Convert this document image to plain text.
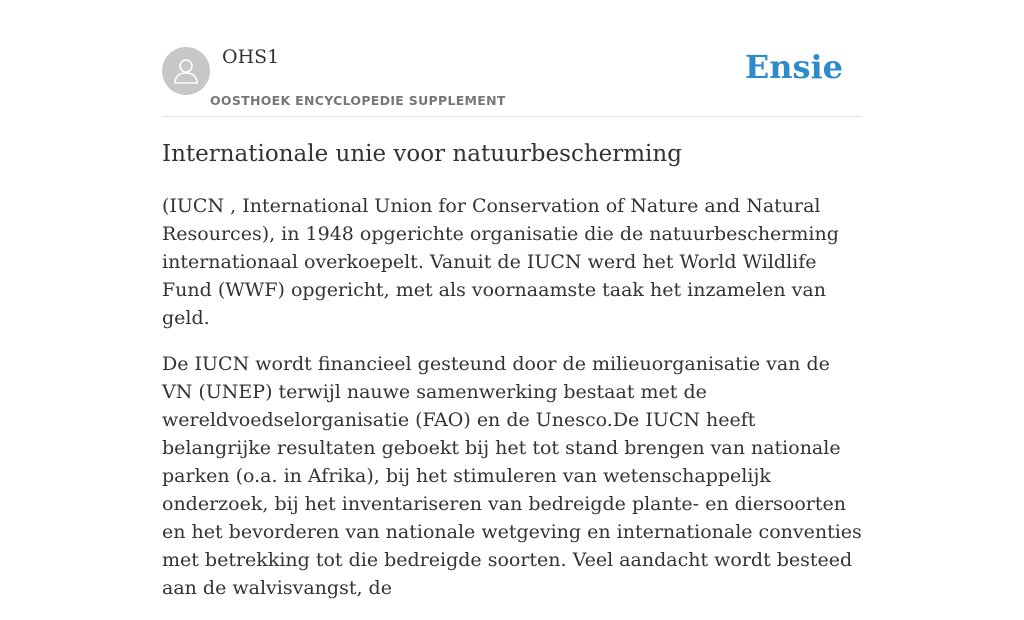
OHS1
OOSTHOEK ENCYCLOPEDIE SUPPLEMENT
Ensie
Internationale unie voor natuurbescherming

(IUCN , International Union for Conservation of Nature and Natural Resources), in 1948 opgerichte organisatie die de natuurbescherming internationaal overkoepelt. Vanuit de IUCN werd het World Wildlife Fund (WWF) opgericht, met als voornaamste taak het inzamelen van geld.

De IUCN wordt financieel gesteund door de milieuorganisatie van de VN (UNEP) terwijl nauwe samenwerking bestaat met de wereldvoedselorganisatie (FAO) en de Unesco.De IUCN heeft belangrijke resultaten geboekt bij het tot stand brengen van nationale parken (o.a. in Afrika), bij het stimuleren van wetenschappelijk onderzoek, bij het inventariseren van bedreigde plante- en diersoorten en het bevorderen van nationale wetgeving en internationale conventies met betrekking tot die bedreigde soorten. Veel aandacht wordt besteed aan de walvisvangst, de
